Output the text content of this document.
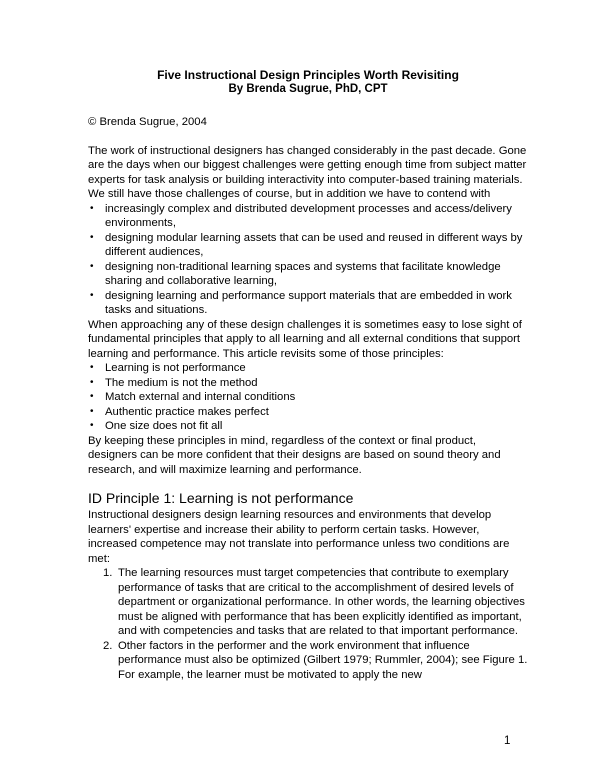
Five Instructional Design Principles Worth Revisiting
By Brenda Sugrue, PhD, CPT

© Brenda Sugrue, 2004

The work of instructional designers has changed considerably in the past decade. Gone are the days when our biggest challenges were getting enough time from subject matter experts for task analysis or building interactivity into computer-based training materials. We still have those challenges of course, but in addition we have to contend with

• increasingly complex and distributed development processes and access/delivery environments,
• designing modular learning assets that can be used and reused in different ways by different audiences,
• designing non-traditional learning spaces and systems that facilitate knowledge sharing and collaborative learning,
• designing learning and performance support materials that are embedded in work tasks and situations.

When approaching any of these design challenges it is sometimes easy to lose sight of fundamental principles that apply to all learning and all external conditions that support learning and performance. This article revisits some of those principles:

• Learning is not performance
• The medium is not the method
• Match external and internal conditions
• Authentic practice makes perfect
• One size does not fit all

By keeping these principles in mind, regardless of the context or final product, designers can be more confident that their designs are based on sound theory and research, and will maximize learning and performance.

ID Principle 1: Learning is not performance

Instructional designers design learning resources and environments that develop learners' expertise and increase their ability to perform certain tasks. However, increased competence may not translate into performance unless two conditions are met:

1. The learning resources must target competencies that contribute to exemplary performance of tasks that are critical to the accomplishment of desired levels of department or organizational performance. In other words, the learning objectives must be aligned with performance that has been explicitly identified as important, and with competencies and tasks that are related to that important performance.
2. Other factors in the performer and the work environment that influence performance must also be optimized (Gilbert 1979; Rummler, 2004); see Figure 1. For example, the learner must be motivated to apply the new
1
